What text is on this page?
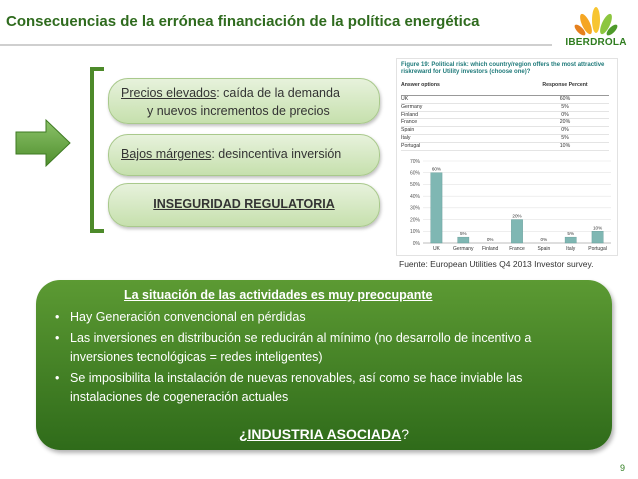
Consecuencias de la errónea financiación de la política energética
IBERDROLA
Precios elevados: caída de la demanda
y nuevos incrementos de precios
Bajos márgenes: desincentiva inversión
INSEGURIDAD REGULATORIA
Figure 19: Political risk: which country/region offers the most attractive riskreward for Utility investors (choose one)?
Answer options	Response Percent
UK	60%
Germany	5%
Finland	0%
France	20%
Spain	0%
Italy	5%
Portugal	10%
0%
10%
20%
30%
40%
50%
60%
70%
60%
UK
5%
Germany
0%
Finland
20%
France
0%
Spain
5%
Italy
10%
Portugal
Fuente: European Utilities Q4 2013 Investor survey.
La situación de las actividades es muy preocupante
• Hay Generación convencional en pérdidas
• Las inversiones en distribución se reducirán al mínimo (no desarrollo de incentivo a inversiones tecnológicas = redes inteligentes)
• Se imposibilita la instalación de nuevas renovables, así como se hace inviable las instalaciones de cogeneración actuales
¿INDUSTRIA ASOCIADA?
9
